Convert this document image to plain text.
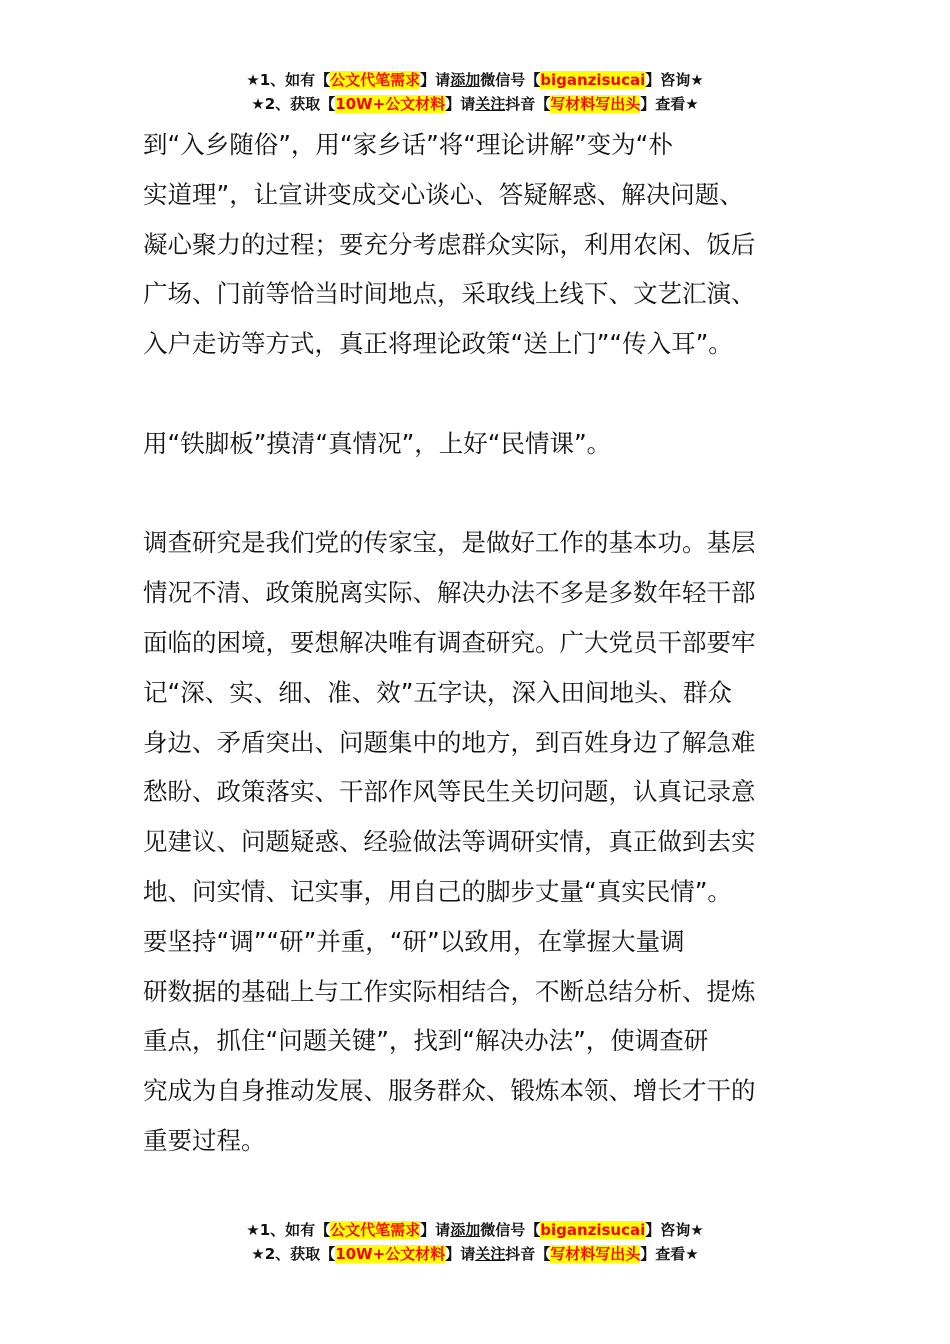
★1、如有【公文代笔需求】请添加微信号【biganzisucai】咨询★
★2、获取【10W+公文材料】请关注抖音【写材料写出头】查看★
到“入乡随俗”，用“家乡话”将“理论讲解”变为“朴
实道理”，让宣讲变成交心谈心、答疑解惑、解决问题、
凝心聚力的过程；要充分考虑群众实际，利用农闲、饭后
广场、门前等恰当时间地点，采取线上线下、文艺汇演、
入户走访等方式，真正将理论政策“送上门”“传入耳”。
用“铁脚板”摸清“真情况”，上好“民情课”。
调查研究是我们党的传家宝，是做好工作的基本功。基层
情况不清、政策脱离实际、解决办法不多是多数年轻干部
面临的困境，要想解决唯有调查研究。广大党员干部要牢
记“深、实、细、准、效”五字诀，深入田间地头、群众
身边、矛盾突出、问题集中的地方，到百姓身边了解急难
愁盼、政策落实、干部作风等民生关切问题，认真记录意
见建议、问题疑惑、经验做法等调研实情，真正做到去实
地、问实情、记实事，用自己的脚步丈量“真实民情”。
要坚持“调”“研”并重，“研”以致用，在掌握大量调
研数据的基础上与工作实际相结合，不断总结分析、提炼
重点，抓住“问题关键”，找到“解决办法”，使调查研
究成为自身推动发展、服务群众、锻炼本领、增长才干的
重要过程。
★1、如有【公文代笔需求】请添加微信号【biganzisucai】咨询★
★2、获取【10W+公文材料】请关注抖音【写材料写出头】查看★
